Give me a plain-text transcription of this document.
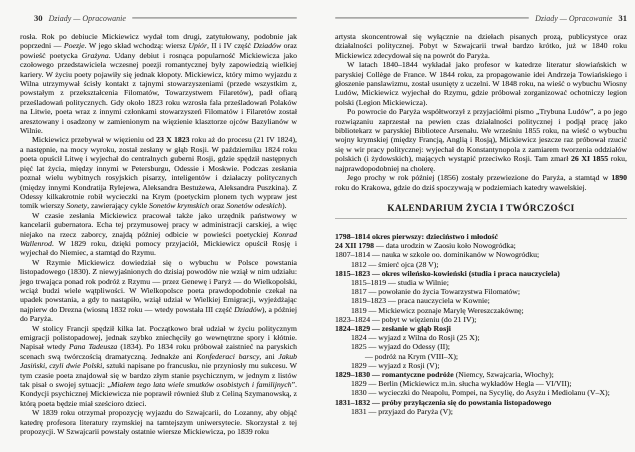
30 Dziady — Opracowanie

rosła. Rok po debiucie Mickiewicz wydał tom drugi, zatytułowany, podobnie jak poprzedni — Poezje. W jego skład wchodzą: wiersz Upiór, II i IV część Dziadów oraz powieść poetycka Grażyna. Udany debiut i rosnąca popularność Mickiewicza jako czołowego przedstawiciela wczesnej poezji romantycznej były zapowiedzią wielkiej kariery. W życiu poety pojawiły się jednak kłopoty. Mickiewicz, który mimo wyjazdu z Wilna utrzymywał ścisły kontakt z tajnymi stowarzyszeniami (przede wszystkim z, powstałym z przekształcenia Filomatów, Towarzystwem Filaretów), padł ofiarą prześladowań politycznych. Gdy około 1823 roku wzrosła fala prześladowań Polaków na Litwie, poeta wraz z innymi członkami stowarzyszeń Filomatów i Filaretów został aresztowany i osadzony w zamienionym na więzienie klasztorze ojców Bazylianów w Wilnie.

Mickiewicz przebywał w więzieniu od 23 X 1823 roku aż do procesu (21 IV 1824), a następnie, na mocy wyroku, został zesłany w głąb Rosji. W październiku 1824 roku poeta opuścił Litwę i wyjechał do centralnych guberni Rosji, gdzie spędził następnych pięć lat życia, między innymi w Petersburgu, Odessie i Moskwie. Podczas zesłania poznał wielu wybitnych rosyjskich pisarzy, inteligentów i działaczy politycznych (między innymi Kondratija Rylejewa, Aleksandra Bestużewa, Aleksandra Puszkina). Z Odessy kilkakrotnie robił wycieczki na Krym (poetyckim plonem tych wypraw jest tomik wierszy Sonety, zawierający cykle Sonetów krymskich oraz Sonetów odeskich).

W czasie zesłania Mickiewicz pracował także jako urzędnik państwowy w kancelarii gubernatora. Echa tej przymusowej pracy w administracji carskiej, a więc niejako na rzecz zaborcy, znajdą później odbicie w powieści poetyckiej Konrad Wallenrod. W 1829 roku, dzięki pomocy przyjaciół, Mickiewicz opuścił Rosję i wyjechał do Niemiec, a stamtąd do Rzymu.

W Rzymie Mickiewicz dowiedział się o wybuchu w Polsce powstania listopadowego (1830). Z niewyjaśnionych do dzisiaj powodów nie wziął w nim udziału: jego trwająca ponad rok podróż z Rzymu — przez Genewę i Paryż — do Wielkopolski, wciąż budzi wiele wątpliwości. W Wielkopolsce poeta prawdopodobnie czekał na upadek powstania, a gdy to nastąpiło, wziął udział w Wielkiej Emigracji, wyjeżdżając najpierw do Drezna (wiosną 1832 roku — wtedy powstała III część Dziadów), a później do Paryża.

W stolicy Francji spędził kilka lat. Początkowo brał udział w życiu politycznym emigracji polistopadowej, jednak szybko zniechęciły go wewnętrzne spory i kłótnie. Napisał wtedy Pana Tadeusza (1834). Po 1834 roku próbował zaistnieć na paryskich scenach swą twórczością dramatyczną. Jednakże ani Konfederaci barscy, ani Jakub Jasiński, czyli dwie Polski, sztuki napisane po francusku, nie przyniosły mu sukcesu. W tym czasie poeta znajdował się w bardzo złym stanie psychicznym, w jednym z listów tak pisał o swojej sytuacji: „Miałem tego lata wiele smutków osobistych i familijnych”. Kondycji psychicznej Mickiewicza nie poprawił również ślub z Celiną Szymanowską, z którą poeta będzie miał sześcioro dzieci.

W 1839 roku otrzymał propozycję wyjazdu do Szwajcarii, do Lozanny, aby objąć katedrę profesora literatury rzymskiej na tamtejszym uniwersytecie. Skorzystał z tej propozycji. W Szwajcarii powstały ostatnie wiersze Mickiewicza, po 1839 roku

Dziady — Opracowanie 31

artysta skoncentrował się wyłącznie na dziełach pisanych prozą, publicystyce oraz działalności politycznej. Pobyt w Szwajcarii trwał bardzo krótko, już w 1840 roku Mickiewicz zdecydował się na powrót do Paryża.

W latach 1840–1844 wykładał jako profesor w katedrze literatur słowiańskich w paryskiej Collège de France. W 1844 roku, za propagowanie idei Andrzeja Towiańskiego i głoszenie panslawizmu, został usunięty z uczelni. W 1848 roku, na wieść o wybuchu Wiosny Ludów, Mickiewicz wyjechał do Rzymu, gdzie próbował zorganizować ochotniczy legion polski (Legion Mickiewicza).

Po powrocie do Paryża współtworzył z przyjaciółmi pismo „Trybuna Ludów”, a po jego rozwiązaniu zaprzestał na pewien czas działalności politycznej i podjął pracę jako bibliotekarz w paryskiej Bibliotece Arsenału. We wrześniu 1855 roku, na wieść o wybuchu wojny krymskiej (między Francją, Anglią i Rosją), Mickiewicz jeszcze raz próbował rzucić się w wir pracy politycznej: wyjechał do Konstantynopola z zamiarem tworzenia oddziałów polskich (i żydowskich), mających wystąpić przeciwko Rosji. Tam zmarł 26 XI 1855 roku, najprawdopodobniej na cholerę.

Jego prochy w rok później (1856) zostały przewiezione do Paryża, a stamtąd w 1890 roku do Krakowa, gdzie do dziś spoczywają w podziemiach katedry wawelskiej.

KALENDARIUM ŻYCIA I TWÓRCZOŚCI
1798–1814 okres pierwszy: dzieciństwo i młodość
24 XII 1798 — data urodzin w Zaosiu koło Nowogródka;
1807–1814 — nauka w szkole oo. dominikanów w Nowogródku;
1812 — śmierć ojca (28 V);
1815–1823 — okres wileńsko-kowieński (studia i praca nauczyciela)
1815–1819 — studia w Wilnie;
1817 — powołanie do życia Towarzystwa Filomatów;
1819–1823 — praca nauczyciela w Kownie;
1819 — Mickiewicz poznaje Marylę Wereszczakównę;
1823–1824 — pobyt w więzieniu (do 21 IV);
1824–1829 — zesłanie w głąb Rosji
1824 — wyjazd z Wilna do Rosji (25 X);
1825 — wyjazd do Odessy (II);
— podróż na Krym (VIII–X);
1829 — wyjazd z Rosji (V);
1829–1830 — romantyczne podróże (Niemcy, Szwajcaria, Włochy);
1829 — Berlin (Mickiewicz m.in. słucha wykładów Hegla — VI/VII);
1830 — wycieczki do Neapolu, Pompei, na Sycylię, do Asyżu i Mediolanu (V–X);
1831–1832 — próby przyłączenia się do powstania listopadowego
1831 — przyjazd do Paryża (V);
